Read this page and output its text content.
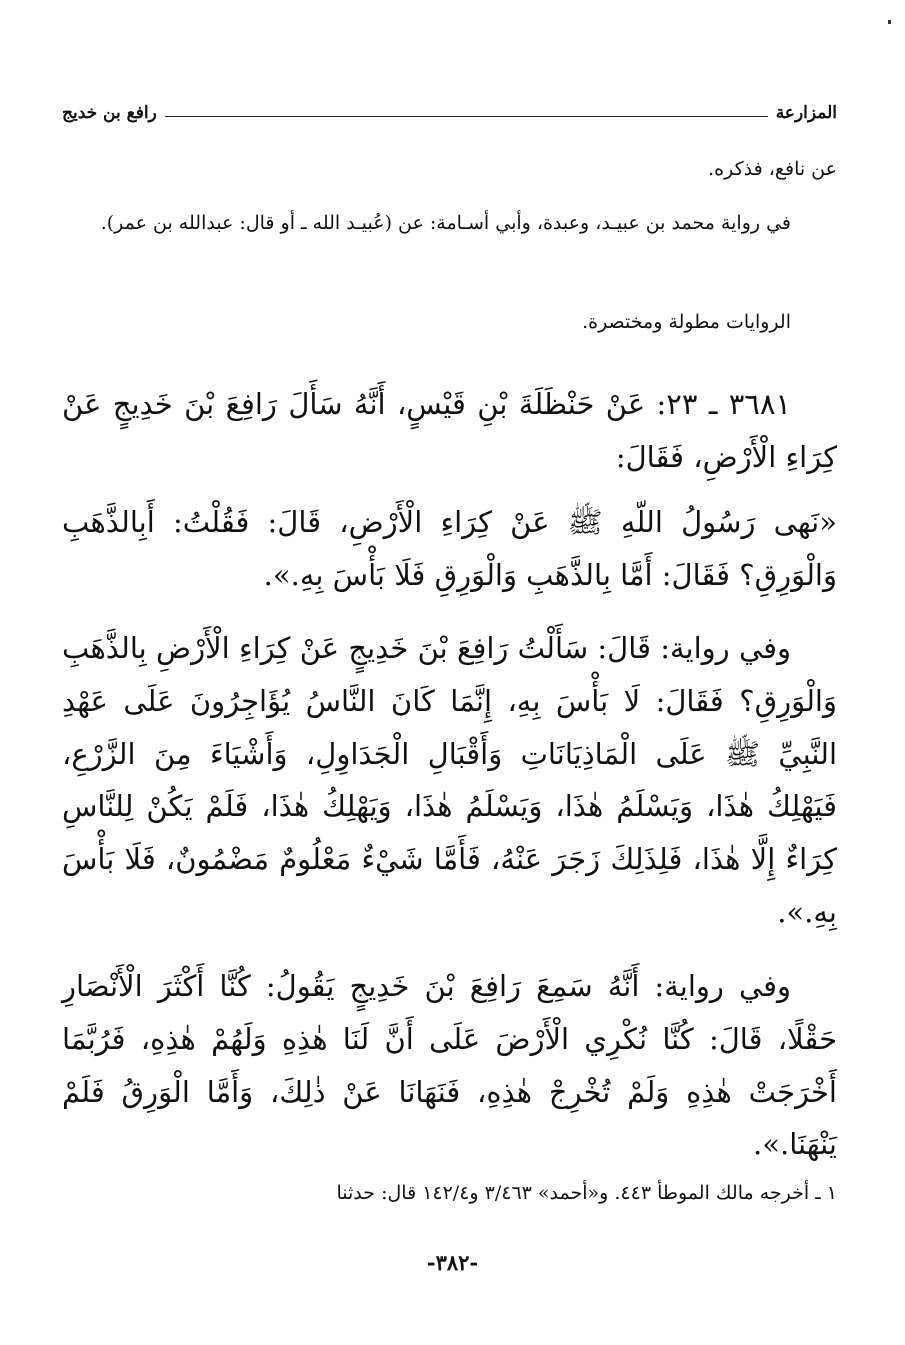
المزارعة
رافع بن خديج
عن نافع، فذكره.
في رواية محمد بن عبيـد، وعبدة، وأبي أسـامة: عن (عُبيـد الله ـ أو قال: عبدالله بن عمر).
الروايات مطولة ومختصرة.
٣٦٨١ ـ ٢٣: عَنْ حَنْظَلَةَ بْنِ قَيْسٍ، أَنَّهُ سَأَلَ رَافِعَ بْنَ خَدِيجٍ عَنْ كِرَاءِ الْأَرْضِ، فَقَالَ:
«نَهى رَسُولُ اللّهِ ﷺ عَنْ كِرَاءِ الْأَرْضِ، قَالَ: فَقُلْتُ: أَبِالذَّهَبِ وَالْوَرِقِ؟ فَقَالَ: أَمَّا بِالذَّهَبِ وَالْوَرِقِ فَلَا بَأْسَ بِهِ.».
وفي رواية: قَالَ: سَأَلْتُ رَافِعَ بْنَ خَدِيجٍ عَنْ كِرَاءِ الْأَرْضِ بِالذَّهَبِ وَالْوَرِقِ؟ فَقَالَ: لَا بَأْسَ بِهِ، إِنَّمَا كَانَ النَّاسُ يُؤَاجِرُونَ عَلَى عَهْدِ النَّبِيِّ ﷺ عَلَى الْمَاذِيَانَاتِ وَأَقْبَالِ الْجَدَاوِلِ، وَأَشْيَاءَ مِنَ الزَّرْعِ، فَيَهْلِكُ هٰذَا، وَيَسْلَمُ هٰذَا، وَيَسْلَمُ هٰذَا، وَيَهْلِكُ هٰذَا، فَلَمْ يَكُنْ لِلنَّاسِ كِرَاءٌ إِلَّا هٰذَا، فَلِذَلِكَ زَجَرَ عَنْهُ، فَأَمَّا شَيْءٌ مَعْلُومٌ مَضْمُونٌ، فَلَا بَأْسَ بِهِ.».
وفي رواية: أَنَّهُ سَمِعَ رَافِعَ بْنَ خَدِيجٍ يَقُولُ: كُنَّا أَكْثَرَ الْأَنْصَارِ حَقْلًا، قَالَ: كُنَّا نُكْرِي الْأَرْضَ عَلَى أَنَّ لَنَا هٰذِهِ وَلَهُمْ هٰذِهِ، فَرُبَّمَا أَخْرَجَتْ هٰذِهِ وَلَمْ تُخْرِجْ هٰذِهِ، فَنَهَانَا عَنْ ذٰلِكَ، وَأَمَّا الْوَرِقُ فَلَمْ يَنْهَنَا.».
١ ـ أخرجه مالك الموطأ ٤٤٣. و«أحمد» ٣/٤٦٣ و١٤٢/٤ قال: حدثنا
-٣٨٢-
